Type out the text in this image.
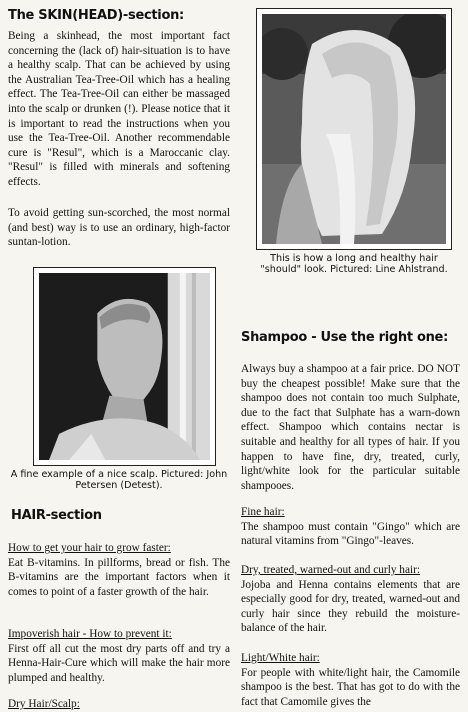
The SKIN(HEAD)-section:

Being a skinhead, the most important fact concerning the (lack of) hair-situation is to have a healthy scalp. That can be achieved by using the Australian Tea-Tree-Oil which has a healing effect. The Tea-Tree-Oil can either be massaged into the scalp or drunken (!). Please notice that it is important to read the instructions when you use the Tea-Tree-Oil. Another recommendable cure is "Resul", which is a Maroccanic clay. "Resul" is filled with minerals and softening effects.

To avoid getting sun-scorched, the most normal (and best) way is to use an ordinary, high-factor suntan-lotion.

A fine example of a nice scalp. Pictured: John Petersen (Detest).

HAIR-section

How to get your hair to grow faster:
Eat B-vitamins. In pillforms, bread or fish. The B-vitamins are the important factors when it comes to point of a faster growth of the hair.

Impoverish hair - How to prevent it:
First off all cut the most dry parts off and try a Henna-Hair-Cure which will make the hair more plumped and healthy.

Dry Hair/Scalp:

This is how a long and healthy hair "should" look. Pictured: Line Ahlstrand.

Shampoo - Use the right one:

Always buy a shampoo at a fair price. DO NOT buy the cheapest possible! Make sure that the shampoo does not contain too much Sulphate, due to the fact that Sulphate has a warn-down effect. Shampoo which contains nectar is suitable and healthy for all types of hair. If you happen to have fine, dry, treated, curly, light/white look for the particular suitable shampooes.

Fine hair:
The shampoo must contain "Gingo" which are natural vitamins from "Gingo"-leaves.

Dry, treated, warned-out and curly hair:
Jojoba and Henna contains elements that are especially good for dry, treated, warned-out and curly hair since they rebuild the moisture-balance of the hair.

Light/White hair:
For people with white/light hair, the Camomile shampoo is the best. That has got to do with the fact that Camomile gives the
